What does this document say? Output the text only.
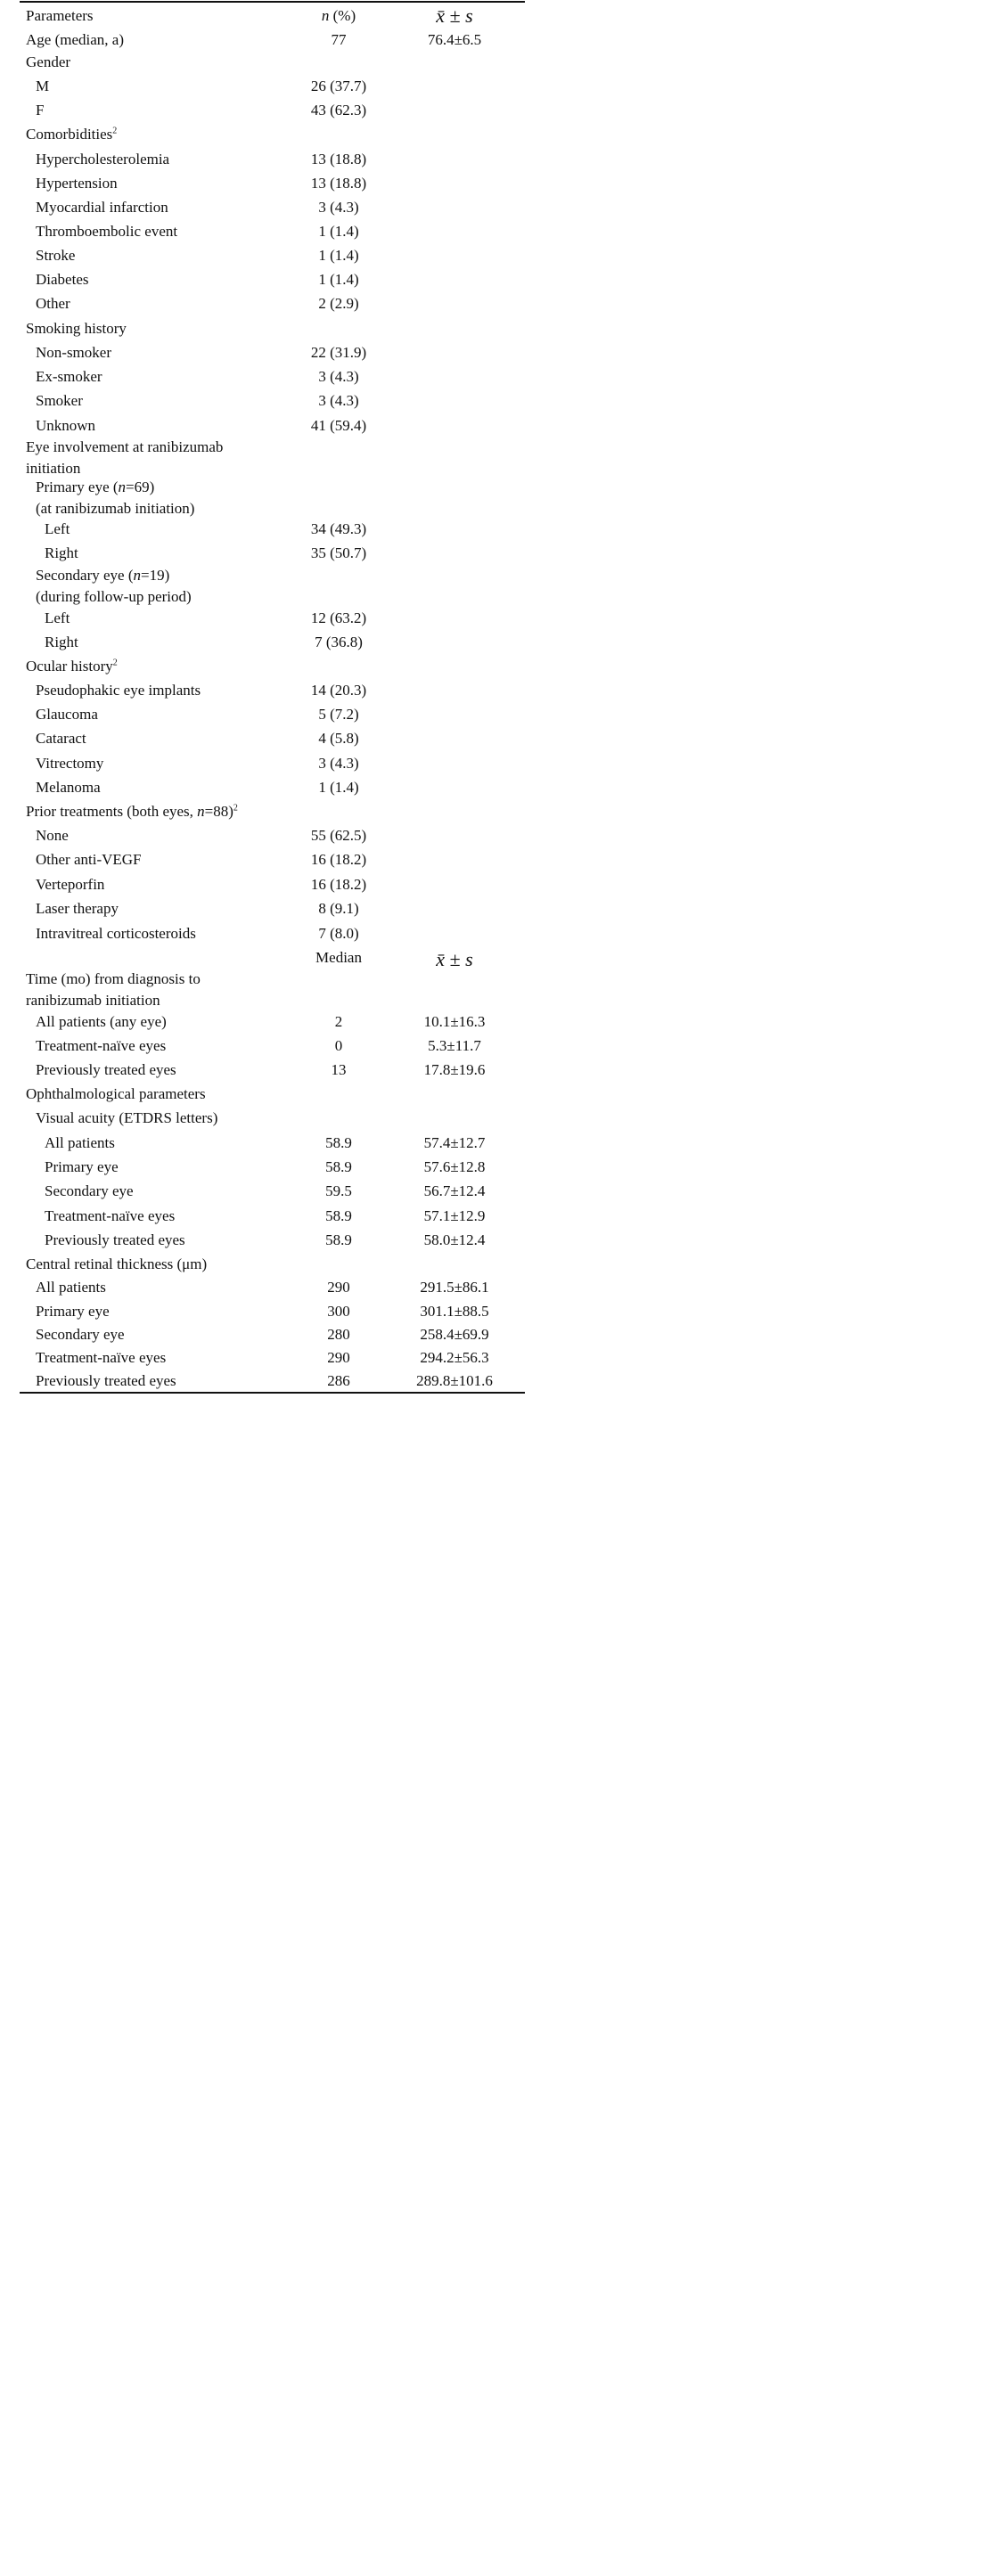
Parameters	n (%)	x̄ ± s
Age (median, a)	77	76.4±6.5
Gender
M	26 (37.7)
F	43 (62.3)
Comorbidities$^2$
Hypercholesterolemia	13 (18.8)
Hypertension	13 (18.8)
Myocardial infarction	3 (4.3)
Thromboembolic event	1 (1.4)
Stroke	1 (1.4)
Diabetes	1 (1.4)
Other	2 (2.9)
Smoking history
Non-smoker	22 (31.9)
Ex-smoker	3 (4.3)
Smoker	3 (4.3)
Unknown	41 (59.4)
Eye involvement at ranibizumab
initiation
Primary eye (n=69)
(at ranibizumab initiation)
Left	34 (49.3)
Right	35 (50.7)
Secondary eye (n=19)
(during follow-up period)
Left	12 (63.2)
Right	7 (36.8)
Ocular history$^2$
Pseudophakic eye implants	14 (20.3)
Glaucoma	5 (7.2)
Cataract	4 (5.8)
Vitrectomy	3 (4.3)
Melanoma	1 (1.4)
Prior treatments (both eyes, n=88)$^2$
None	55 (62.5)
Other anti-VEGF	16 (18.2)
Verteporfin	16 (18.2)
Laser therapy	8 (9.1)
Intravitreal corticosteroids	7 (8.0)
Median	x̄ ± s
Time (mo) from diagnosis to
ranibizumab initiation
All patients (any eye)	2	10.1±16.3
Treatment-naïve eyes	0	5.3±11.7
Previously treated eyes	13	17.8±19.6
Ophthalmological parameters
Visual acuity (ETDRS letters)
All patients	58.9	57.4±12.7
Primary eye	58.9	57.6±12.8
Secondary eye	59.5	56.7±12.4
Treatment-naïve eyes	58.9	57.1±12.9
Previously treated eyes	58.9	58.0±12.4
Central retinal thickness (μm)
All patients	290	291.5±86.1
Primary eye	300	301.1±88.5
Secondary eye	280	258.4±69.9
Treatment-naïve eyes	290	294.2±56.3
Previously treated eyes	286	289.8±101.6
